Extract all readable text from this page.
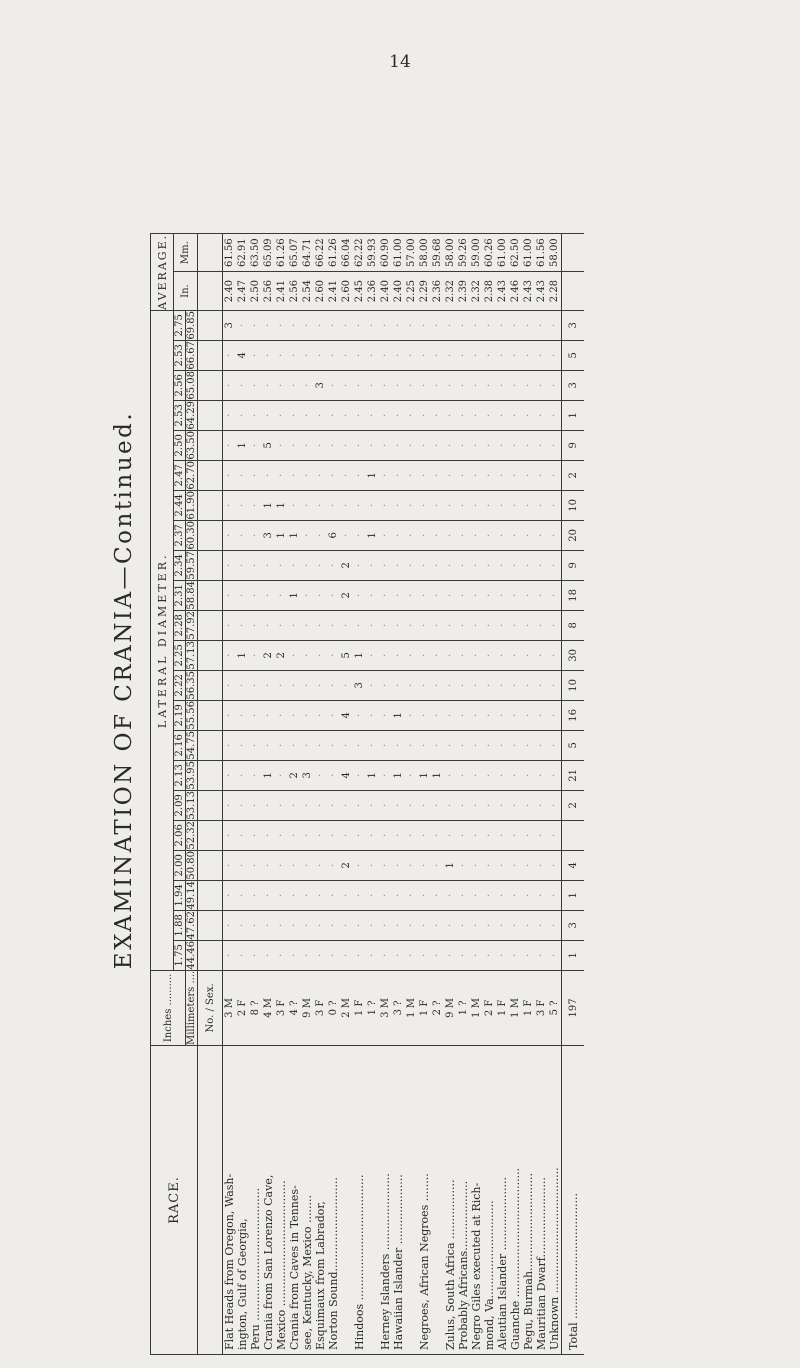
14
EXAMINATION OF CRANIA—Continued.
RACE.	Inches ..........	LATERAL DIAMETER.																						AVERAGE.	
		1.75	1.88	1.94	2.00	2.06	2.09	2.13	2.16	2.19	2.22	2.25	2.28	2.31	2.34	2.37	2.44	2.47	2.50	2.53	2.56	2.53	2.75	In.	Mm.
	Millimeters ....	44.46	47.62	49.14	50.80	52.32	53.13	53.95	54.75	55.56	56.35	57.13	57.92	58.84	59.57	60.30	61.90	62.70	63.50	64.29	65.08	66.67	69.85		
	No. / Sex.																								
Flat Heads from Oregon, Wash-	3 M	·	·	·	·	·	·	·	·	·	·	·	·	·	·	·	·	·	·	·	·	·	3	2.40	61.56
ington, Gulf of Georgia,	2 F	·	·	·	·	·	·	·	·	·	·	1	·	·	·	·	·	·	1	·	·	4	·	2.47	62.91
Peru ......................................	8 ?	·	·	·	·	·	·	·	·	·	·	·	·	·	·	·	·	·	·	·	·	·	·	2.50	63.50
Crania from San Lorenzo Cave,	4 M	·	·	·	·	·	·	1	·	·	·	2	·	·	·	3	1	·	5	·	·	·	·	2.56	65.09
Mexico ....................................	3 F	·	·	·	·	·	·	·	·	·	·	2	·	·	·	1	1	·	·	·	·	·	·	2.41	61.26
Crania from Caves in Tennes-	4 ?	·	·	·	·	·	·	2	·	·	·	·	·	1	·	1	·	·	·	·	·	·	·	2.56	65.07
see, Kentucky, Mexico ........	9 M	·	·	·	·	·	·	3	·	·	·	·	·	·	·	·	·	·	·	·	·	·	·	2.54	64.71
Esquimaux from Labrador,	3 F	·	·	·	·	·	·	·	·	·	·	·	·	·	·	·	·	·	·	·	3	·	·	2.60	66.22
Norton Sound...........................	0 ?	·	·	·	·	·	·	·	·	·	·	·	·	·	·	6	·	·	·	·	·	·	·	2.41	61.26
	2 M	·	·	·	2	·	·	4	·	4	·	5	·	2	2	·	·	·	·	·	·	·	·	2.60	66.04
Hindoos ....................................	1 F	·	·	·	·	·	·	·	·	·	3	1	·	·	·	·	·	·	·	·	·	·	·	2.45	62.22
	1 ?	·	·	·	·	·	·	1	·	·	·	·	·	·	·	1	·	1	·	·	·	·	·	2.36	59.93
Herney Islanders ......................	3 M	·	·	·	·	·	·	·	·	·	·	·	·	·	·	·	·	·	·	·	·	·	·	2.40	60.90
Hawaiian Islander ....................	3 ?	·	·	·	·	·	·	1	·	1	·	·	·	·	·	·	·	·	·	·	·	·	·	2.40	61.00
	1 M	·	·	·	·	·	·	·	·	·	·	·	·	·	·	·	·	·	·	·	·	·	·	2.25	57.00
Negroes, African Negroes ........	1 F	·	·	·	·	·	·	1	·	·	·	·	·	·	·	·	·	·	·	·	·	·	·	2.29	58.00
	2 ?	·	·	·	·	·	·	1	·	·	·	·	·	·	·	·	·	·	·	·	·	·	·	2.36	59.68
Zulus, South Africa .................	9 M	·	·	·	1	·	·	·	·	·	·	·	·	·	·	·	·	·	·	·	·	·	·	2.32	58.00
Probably Africans....................	1 ?	·	·	·	·	·	·	·	·	·	·	·	·	·	·	·	·	·	·	·	·	·	·	2.39	59.26
Negro Giles executed at Rich-	1 M	·	·	·	·	·	·	·	·	·	·	·	·	·	·	·	·	·	·	·	·	·	·	2.32	59.00
mond, Va............................	2 F	·	·	·	·	·	·	·	·	·	·	·	·	·	·	·	·	·	·	·	·	·	·	2.38	60.26
Aleutian Islander .....................	1 F	·	·	·	·	·	·	·	·	·	·	·	·	·	·	·	·	·	·	·	·	·	·	2.43	61.00
Guanche .....................................	1 M	·	·	·	·	·	·	·	·	·	·	·	·	·	·	·	·	·	·	·	·	·	·	2.46	62.50
Pegu, Burmah............................	1 F	·	·	·	·	·	·	·	·	·	·	·	·	·	·	·	·	·	·	·	·	·	·	2.43	61.00
Mauritian Dwarf.......................	3 F	·	·	·	·	·	·	·	·	·	·	·	·	·	·	·	·	·	·	·	·	·	·	2.43	61.56
Unknown ....................................	5 ?	·	·	·	·	·	·	·	·	·	·	·	·	·	·	·	·	·	·	·	·	·	·	2.28	58.00
Total ....................................	197	1	3	1	4		2	21	5	16	10	30	8	18	9	20	10	2	9	1	3	5	3		
